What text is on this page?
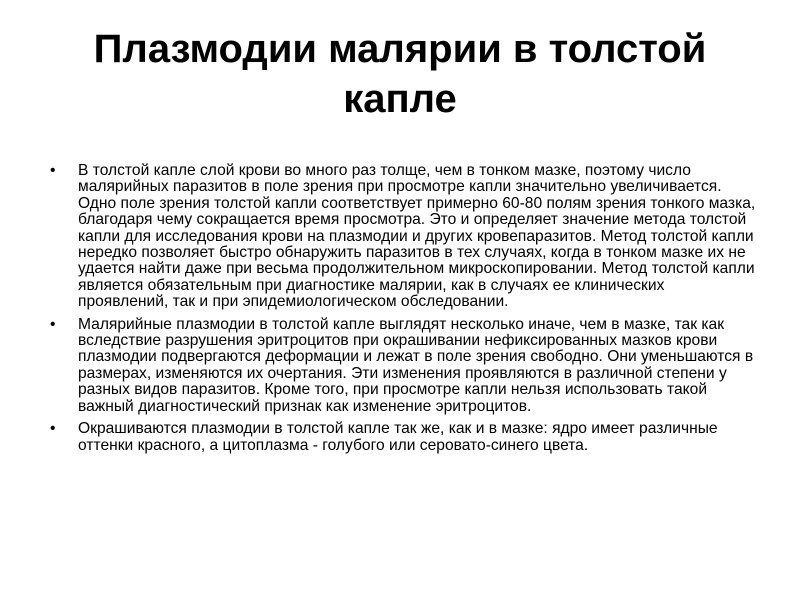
Плазмодии малярии в толстой капле
•	В толстой капле слой крови во много раз толще, чем в тонком мазке, поэтому число малярийных паразитов в поле зрения при просмотре капли значительно увеличивается. Одно поле зрения толстой капли соответствует примерно 60-80 полям зрения тонкого мазка, благодаря чему сокращается время просмотра. Это и определяет значение метода толстой капли для исследования крови на плазмодии и других кровепаразитов. Метод толстой капли нередко позволяет быстро обнаружить паразитов в тех случаях, когда в тонком мазке их не удается найти даже при весьма продолжительном микроскопировании. Метод толстой капли является обязательным при диагностике малярии, как в случаях ее клинических проявлений, так и при эпидемиологическом обследовании.
•	Малярийные плазмодии в толстой капле выглядят несколько иначе, чем в мазке, так как вследствие разрушения эритроцитов при окрашивании нефиксированных мазков крови плазмодии подвергаются деформации и лежат в поле зрения свободно. Они уменьшаются в размерах, изменяются их очертания. Эти изменения проявляются в различной степени у разных видов паразитов. Кроме того, при просмотре капли нельзя использовать такой важный диагностический признак как изменение эритроцитов.
•	Окрашиваются плазмодии в толстой капле так же, как и в мазке: ядро имеет различные оттенки красного, а цитоплазма - голубого или серовато-синего цвета.
